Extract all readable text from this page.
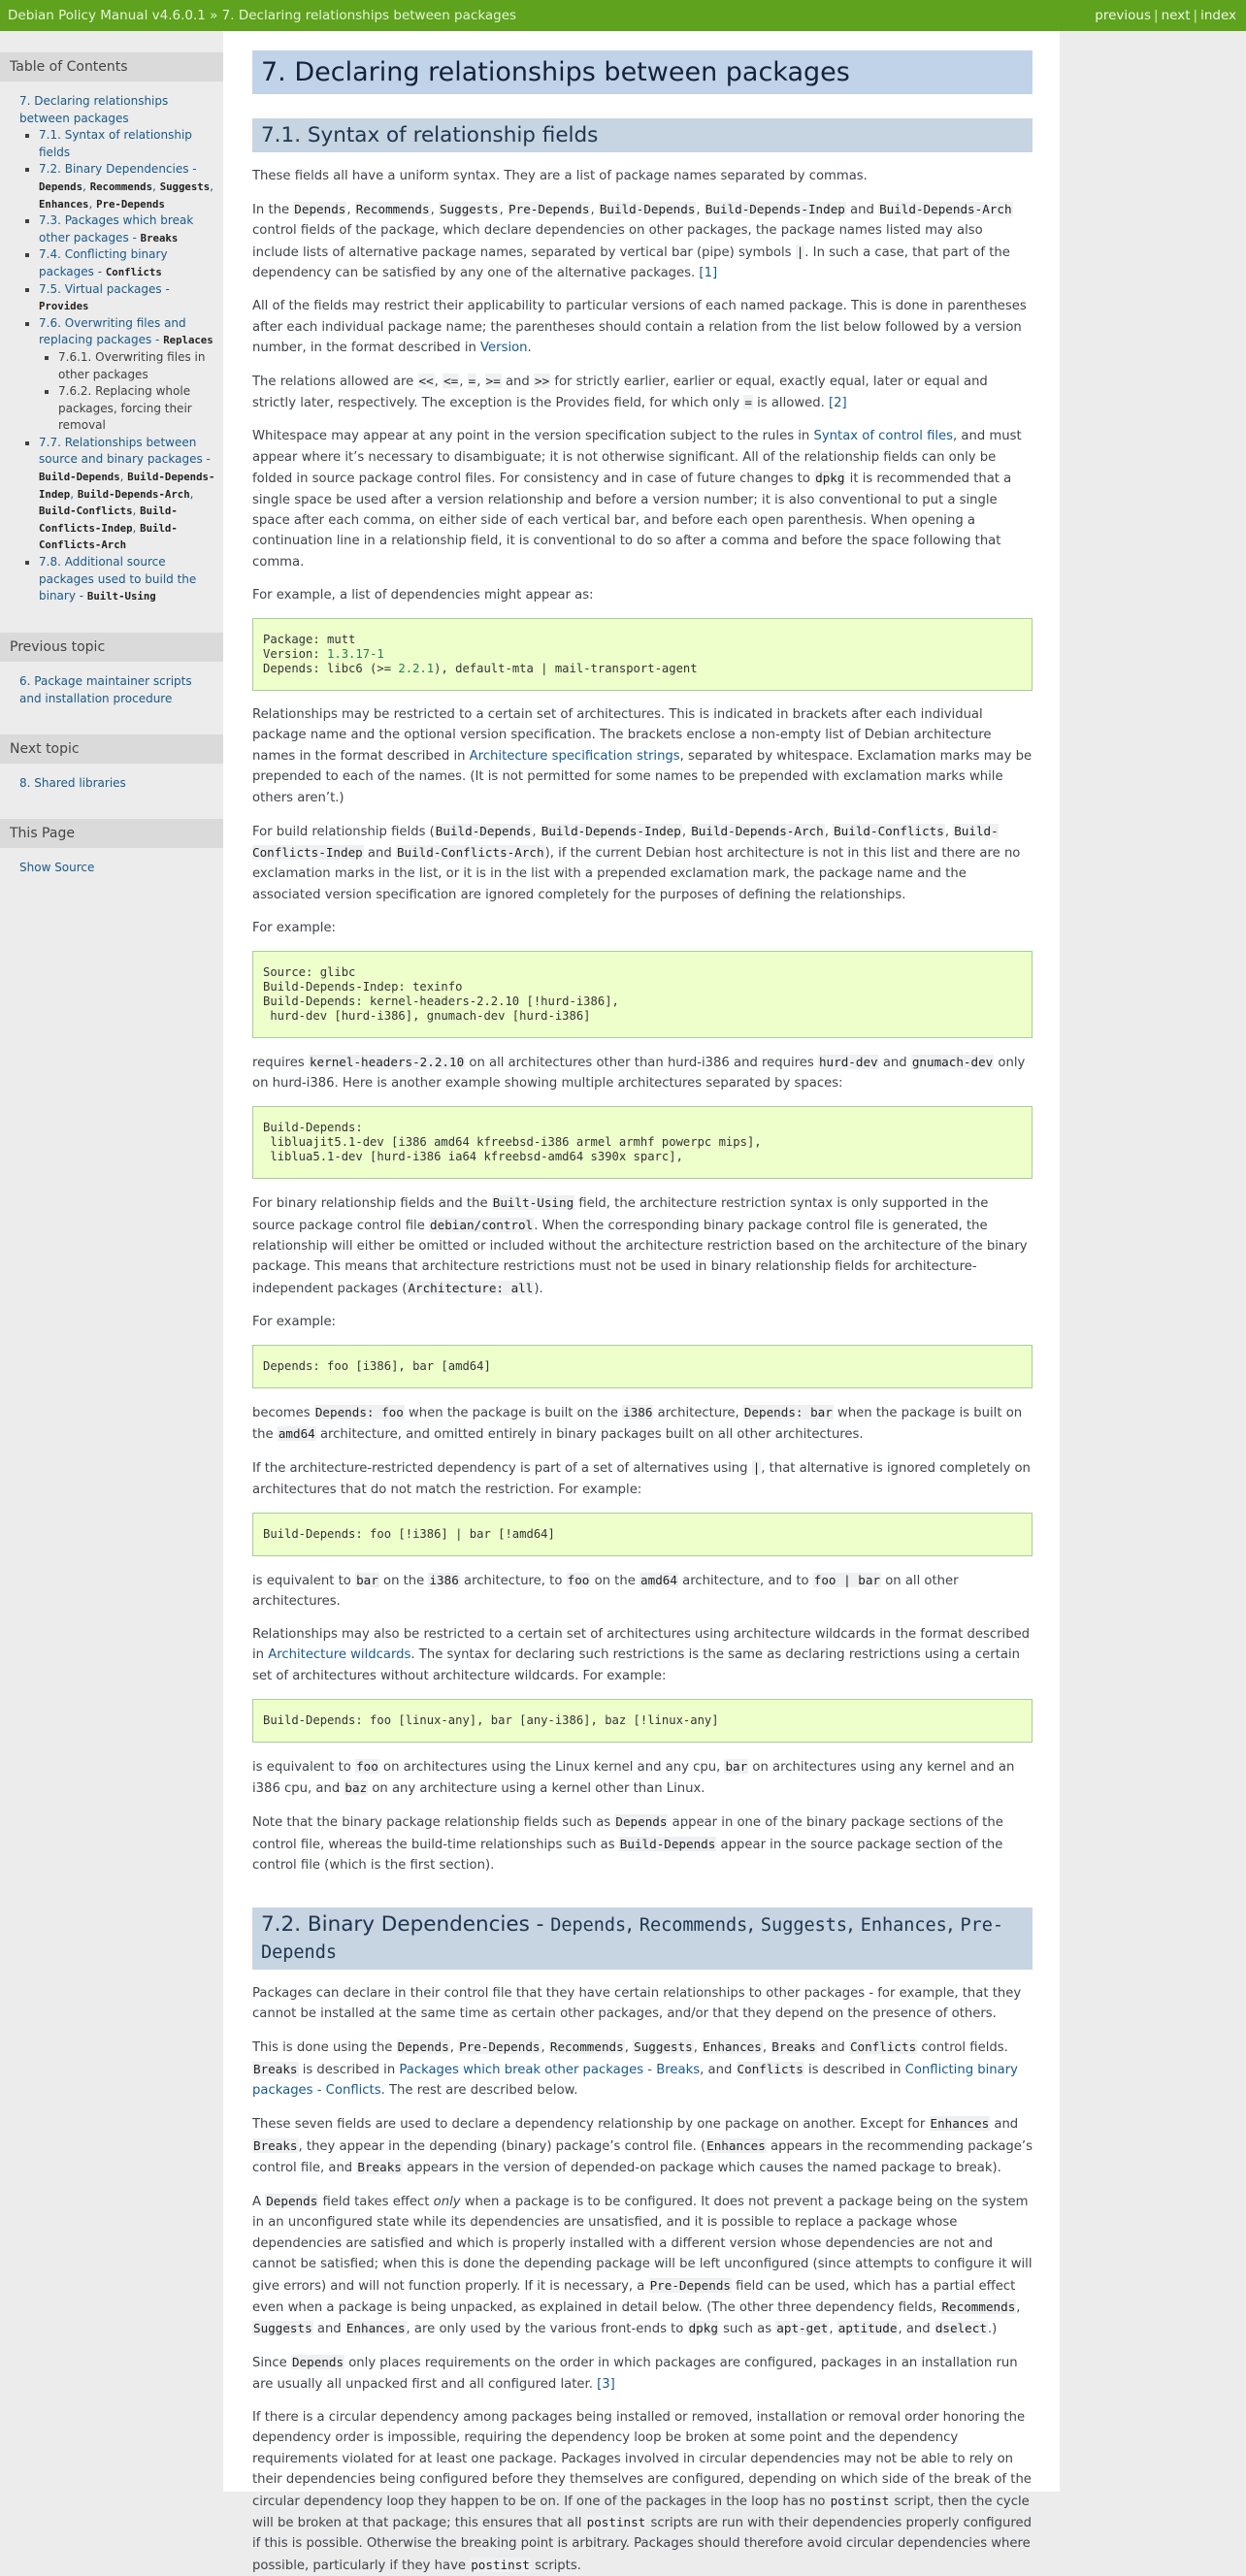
Debian Policy Manual v4.6.0.1 » 7. Declaring relationships between packages	previous | next | index
Table of Contents
7. Declaring relationships between packages
▪ 7.1. Syntax of relationship fields
▪ 7.2. Binary Dependencies - Depends, Recommends, Suggests, Enhances, Pre-Depends
▪ 7.3. Packages which break other packages - Breaks
▪ 7.4. Conflicting binary packages - Conflicts
▪ 7.5. Virtual packages - Provides
▪ 7.6. Overwriting files and replacing packages - Replaces
▪ 7.6.1. Overwriting files in other packages
▪ 7.6.2. Replacing whole packages, forcing their removal
▪ 7.7. Relationships between source and binary packages - Build-Depends, Build-Depends-Indep, Build-Depends-Arch, Build-Conflicts, Build-Conflicts-Indep, Build-Conflicts-Arch
▪ 7.8. Additional source packages used to build the binary - Built-Using
Previous topic
6. Package maintainer scripts and installation procedure
Next topic
8. Shared libraries
This Page
Show Source
7. Declaring relationships between packages
7.1. Syntax of relationship fields

These fields all have a uniform syntax. They are a list of package names separated by commas.

In the Depends, Recommends, Suggests, Pre-Depends, Build-Depends, Build-Depends-Indep and Build-Depends-Arch control fields of the package, which declare dependencies on other packages, the package names listed may also include lists of alternative package names, separated by vertical bar (pipe) symbols |. In such a case, that part of the dependency can be satisfied by any one of the alternative packages. [1]

All of the fields may restrict their applicability to particular versions of each named package. This is done in parentheses after each individual package name; the parentheses should contain a relation from the list below followed by a version number, in the format described in Version.

The relations allowed are <<, <=, =, >= and >> for strictly earlier, earlier or equal, exactly equal, later or equal and strictly later, respectively. The exception is the Provides field, for which only = is allowed. [2]

Whitespace may appear at any point in the version specification subject to the rules in Syntax of control files, and must appear where it’s necessary to disambiguate; it is not otherwise significant. All of the relationship fields can only be folded in source package control files. For consistency and in case of future changes to dpkg it is recommended that a single space be used after a version relationship and before a version number; it is also conventional to put a single space after each comma, on either side of each vertical bar, and before each open parenthesis. When opening a continuation line in a relationship field, it is conventional to do so after a comma and before the space following that comma.

For example, a list of dependencies might appear as:

Package: mutt
Version: 1.3.17-1
Depends: libc6 (>= 2.2.1), default-mta | mail-transport-agent

Relationships may be restricted to a certain set of architectures. This is indicated in brackets after each individual package name and the optional version specification. The brackets enclose a non-empty list of Debian architecture names in the format described in Architecture specification strings, separated by whitespace. Exclamation marks may be prepended to each of the names. (It is not permitted for some names to be prepended with exclamation marks while others aren’t.)

For build relationship fields (Build-Depends, Build-Depends-Indep, Build-Depends-Arch, Build-Conflicts, Build-Conflicts-Indep and Build-Conflicts-Arch), if the current Debian host architecture is not in this list and there are no exclamation marks in the list, or it is in the list with a prepended exclamation mark, the package name and the associated version specification are ignored completely for the purposes of defining the relationships.

For example:

Source: glibc
Build-Depends-Indep: texinfo
Build-Depends: kernel-headers-2.2.10 [!hurd-i386],
hurd-dev [hurd-i386], gnumach-dev [hurd-i386]

requires kernel-headers-2.2.10 on all architectures other than hurd-i386 and requires hurd-dev and gnumach-dev only on hurd-i386. Here is another example showing multiple architectures separated by spaces:

Build-Depends:
libluajit5.1-dev [i386 amd64 kfreebsd-i386 armel armhf powerpc mips],
liblua5.1-dev [hurd-i386 ia64 kfreebsd-amd64 s390x sparc],

For binary relationship fields and the Built-Using field, the architecture restriction syntax is only supported in the source package control file debian/control. When the corresponding binary package control file is generated, the relationship will either be omitted or included without the architecture restriction based on the architecture of the binary package. This means that architecture restrictions must not be used in binary relationship fields for architecture-independent packages (Architecture: all).

For example:

Depends: foo [i386], bar [amd64]

becomes Depends: foo when the package is built on the i386 architecture, Depends: bar when the package is built on the amd64 architecture, and omitted entirely in binary packages built on all other architectures.

If the architecture-restricted dependency is part of a set of alternatives using |, that alternative is ignored completely on architectures that do not match the restriction. For example:

Build-Depends: foo [!i386] | bar [!amd64]

is equivalent to bar on the i386 architecture, to foo on the amd64 architecture, and to foo | bar on all other architectures.

Relationships may also be restricted to a certain set of architectures using architecture wildcards in the format described in Architecture wildcards. The syntax for declaring such restrictions is the same as declaring restrictions using a certain set of architectures without architecture wildcards. For example:

Build-Depends: foo [linux-any], bar [any-i386], baz [!linux-any]

is equivalent to foo on architectures using the Linux kernel and any cpu, bar on architectures using any kernel and an i386 cpu, and baz on any architecture using a kernel other than Linux.

Note that the binary package relationship fields such as Depends appear in one of the binary package sections of the control file, whereas the build-time relationships such as Build-Depends appear in the source package section of the control file (which is the first section).

7.2. Binary Dependencies - Depends, Recommends, Suggests, Enhances, Pre-Depends

Packages can declare in their control file that they have certain relationships to other packages - for example, that they cannot be installed at the same time as certain other packages, and/or that they depend on the presence of others.

This is done using the Depends, Pre-Depends, Recommends, Suggests, Enhances, Breaks and Conflicts control fields. Breaks is described in Packages which break other packages - Breaks, and Conflicts is described in Conflicting binary packages - Conflicts. The rest are described below.

These seven fields are used to declare a dependency relationship by one package on another. Except for Enhances and Breaks, they appear in the depending (binary) package’s control file. (Enhances appears in the recommending package’s control file, and Breaks appears in the version of depended-on package which causes the named package to break).

A Depends field takes effect only when a package is to be configured. It does not prevent a package being on the system in an unconfigured state while its dependencies are unsatisfied, and it is possible to replace a package whose dependencies are satisfied and which is properly installed with a different version whose dependencies are not and cannot be satisfied; when this is done the depending package will be left unconfigured (since attempts to configure it will give errors) and will not function properly. If it is necessary, a Pre-Depends field can be used, which has a partial effect even when a package is being unpacked, as explained in detail below. (The other three dependency fields, Recommends, Suggests and Enhances, are only used by the various front-ends to dpkg such as apt-get, aptitude, and dselect.)

Since Depends only places requirements on the order in which packages are configured, packages in an installation run are usually all unpacked first and all configured later. [3]

If there is a circular dependency among packages being installed or removed, installation or removal order honoring the dependency order is impossible, requiring the dependency loop be broken at some point and the dependency requirements violated for at least one package. Packages involved in circular dependencies may not be able to rely on their dependencies being configured before they themselves are configured, depending on which side of the break of the circular dependency loop they happen to be on. If one of the packages in the loop has no postinst script, then the cycle will be broken at that package; this ensures that all postinst scripts are run with their dependencies properly configured if this is possible. Otherwise the breaking point is arbitrary. Packages should therefore avoid circular dependencies where possible, particularly if they have postinst scripts.
